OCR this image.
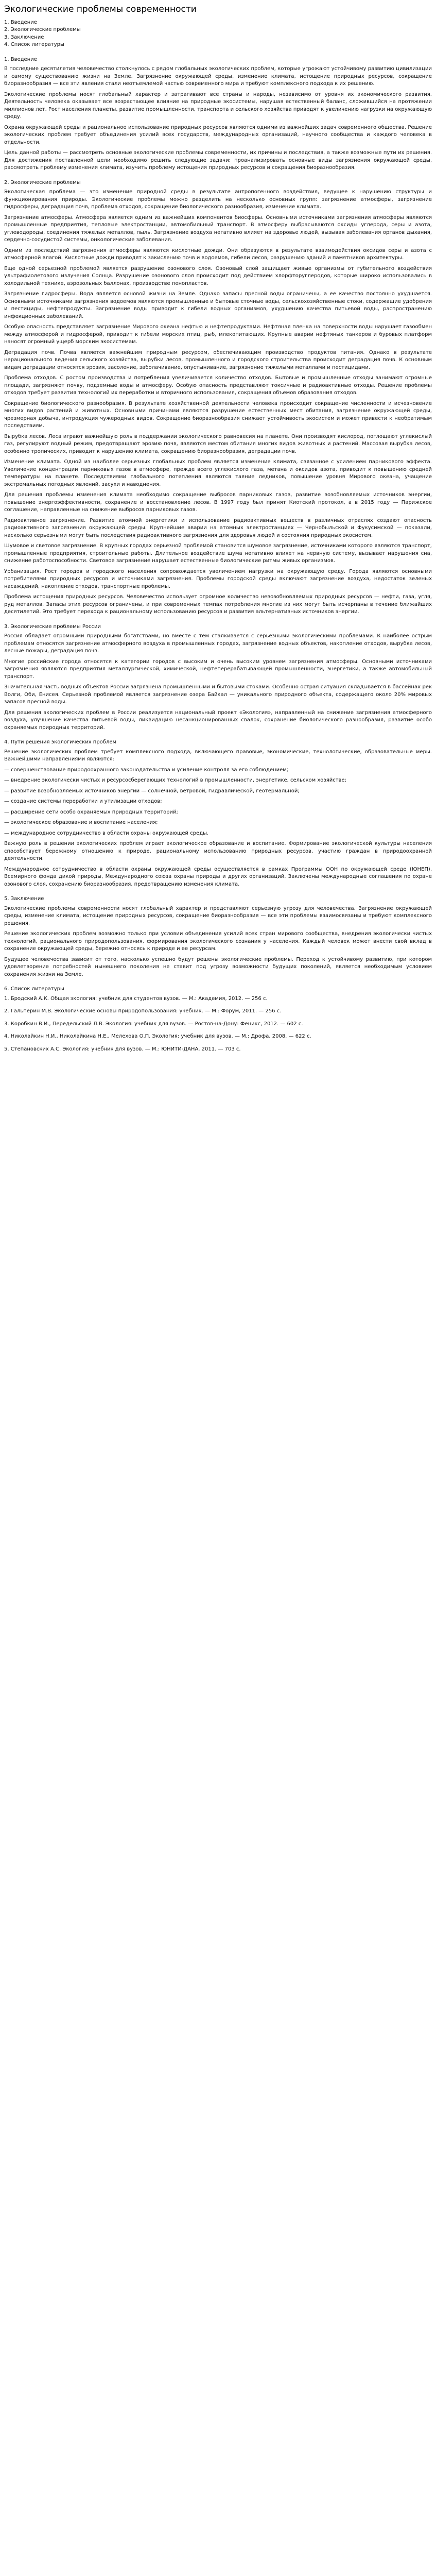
Экологические проблемы современности
1. Введение
2. Экологические проблемы
3. Заключение
4. Список литературы
1. Введение

В последние десятилетия человечество столкнулось с рядом глобальных экологических проблем, которые угрожают устойчивому развитию цивилизации и самому существованию жизни на Земле. Загрязнение окружающей среды, изменение климата, истощение природных ресурсов, сокращение биоразнообразия — все эти явления стали неотъемлемой частью современного мира и требуют комплексного подхода к их решению.

Экологические проблемы носят глобальный характер и затрагивают все страны и народы, независимо от уровня их экономического развития. Деятельность человека оказывает все возрастающее влияние на природные экосистемы, нарушая естественный баланс, сложившийся на протяжении миллионов лет. Рост населения планеты, развитие промышленности, транспорта и сельского хозяйства приводят к увеличению нагрузки на окружающую среду.

Охрана окружающей среды и рациональное использование природных ресурсов являются одними из важнейших задач современного общества. Решение экологических проблем требует объединения усилий всех государств, международных организаций, научного сообщества и каждого человека в отдельности.

Цель данной работы — рассмотреть основные экологические проблемы современности, их причины и последствия, а также возможные пути их решения. Для достижения поставленной цели необходимо решить следующие задачи: проанализировать основные виды загрязнения окружающей среды, рассмотреть проблему изменения климата, изучить проблему истощения природных ресурсов и сокращения биоразнообразия.

2. Экологические проблемы

Экологическая проблема — это изменение природной среды в результате антропогенного воздействия, ведущее к нарушению структуры и функционирования природы. Экологические проблемы можно разделить на несколько основных групп: загрязнение атмосферы, загрязнение гидросферы, деградация почв, проблема отходов, сокращение биологического разнообразия, изменение климата.

Загрязнение атмосферы. Атмосфера является одним из важнейших компонентов биосферы. Основными источниками загрязнения атмосферы являются промышленные предприятия, тепловые электростанции, автомобильный транспорт. В атмосферу выбрасываются оксиды углерода, серы и азота, углеводороды, соединения тяжелых металлов, пыль. Загрязнение воздуха негативно влияет на здоровье людей, вызывая заболевания органов дыхания, сердечно-сосудистой системы, онкологические заболевания.

Одним из последствий загрязнения атмосферы являются кислотные дожди. Они образуются в результате взаимодействия оксидов серы и азота с атмосферной влагой. Кислотные дожди приводят к закислению почв и водоемов, гибели лесов, разрушению зданий и памятников архитектуры.

Еще одной серьезной проблемой является разрушение озонового слоя. Озоновый слой защищает живые организмы от губительного воздействия ультрафиолетового излучения Солнца. Разрушение озонового слоя происходит под действием хлорфторуглеродов, которые широко использовались в холодильной технике, аэрозольных баллонах, производстве пенопластов.

Загрязнение гидросферы. Вода является основой жизни на Земле. Однако запасы пресной воды ограничены, а ее качество постоянно ухудшается. Основными источниками загрязнения водоемов являются промышленные и бытовые сточные воды, сельскохозяйственные стоки, содержащие удобрения и пестициды, нефтепродукты. Загрязнение воды приводит к гибели водных организмов, ухудшению качества питьевой воды, распространению инфекционных заболеваний.

Особую опасность представляет загрязнение Мирового океана нефтью и нефтепродуктами. Нефтяная пленка на поверхности воды нарушает газообмен между атмосферой и гидросферой, приводит к гибели морских птиц, рыб, млекопитающих. Крупные аварии нефтяных танкеров и буровых платформ наносят огромный ущерб морским экосистемам.

Деградация почв. Почва является важнейшим природным ресурсом, обеспечивающим производство продуктов питания. Однако в результате нерационального ведения сельского хозяйства, вырубки лесов, промышленного и городского строительства происходит деградация почв. К основным видам деградации относятся эрозия, засоление, заболачивание, опустынивание, загрязнение тяжелыми металлами и пестицидами.

Проблема отходов. С ростом производства и потребления увеличивается количество отходов. Бытовые и промышленные отходы занимают огромные площади, загрязняют почву, подземные воды и атмосферу. Особую опасность представляют токсичные и радиоактивные отходы. Решение проблемы отходов требует развития технологий их переработки и вторичного использования, сокращения объемов образования отходов.

Сокращение биологического разнообразия. В результате хозяйственной деятельности человека происходит сокращение численности и исчезновение многих видов растений и животных. Основными причинами являются разрушение естественных мест обитания, загрязнение окружающей среды, чрезмерная добыча, интродукция чужеродных видов. Сокращение биоразнообразия снижает устойчивость экосистем и может привести к необратимым последствиям.

Вырубка лесов. Леса играют важнейшую роль в поддержании экологического равновесия на планете. Они производят кислород, поглощают углекислый газ, регулируют водный режим, предотвращают эрозию почв, являются местом обитания многих видов животных и растений. Массовая вырубка лесов, особенно тропических, приводит к нарушению климата, сокращению биоразнообразия, деградации почв.

Изменение климата. Одной из наиболее серьезных глобальных проблем является изменение климата, связанное с усилением парникового эффекта. Увеличение концентрации парниковых газов в атмосфере, прежде всего углекислого газа, метана и оксидов азота, приводит к повышению средней температуры на планете. Последствиями глобального потепления являются таяние ледников, повышение уровня Мирового океана, учащение экстремальных погодных явлений, засухи и наводнения.

Для решения проблемы изменения климата необходимо сокращение выбросов парниковых газов, развитие возобновляемых источников энергии, повышение энергоэффективности, сохранение и восстановление лесов. В 1997 году был принят Киотский протокол, а в 2015 году — Парижское соглашение, направленные на снижение выбросов парниковых газов.

Радиоактивное загрязнение. Развитие атомной энергетики и использование радиоактивных веществ в различных отраслях создают опасность радиоактивного загрязнения окружающей среды. Крупнейшие аварии на атомных электростанциях — Чернобыльской и Фукусимской — показали, насколько серьезными могут быть последствия радиоактивного загрязнения для здоровья людей и состояния природных экосистем.

Шумовое и световое загрязнение. В крупных городах серьезной проблемой становится шумовое загрязнение, источниками которого являются транспорт, промышленные предприятия, строительные работы. Длительное воздействие шума негативно влияет на нервную систему, вызывает нарушения сна, снижение работоспособности. Световое загрязнение нарушает естественные биологические ритмы живых организмов.

Урбанизация. Рост городов и городского населения сопровождается увеличением нагрузки на окружающую среду. Города являются основными потребителями природных ресурсов и источниками загрязнения. Проблемы городской среды включают загрязнение воздуха, недостаток зеленых насаждений, накопление отходов, транспортные проблемы.

Проблема истощения природных ресурсов. Человечество использует огромное количество невозобновляемых природных ресурсов — нефти, газа, угля, руд металлов. Запасы этих ресурсов ограничены, и при современных темпах потребления многие из них могут быть исчерпаны в течение ближайших десятилетий. Это требует перехода к рациональному использованию ресурсов и развития альтернативных источников энергии.

3. Экологические проблемы России

Россия обладает огромными природными богатствами, но вместе с тем сталкивается с серьезными экологическими проблемами. К наиболее острым проблемам относятся загрязнение атмосферного воздуха в промышленных городах, загрязнение водных объектов, накопление отходов, вырубка лесов, лесные пожары, деградация почв.

Многие российские города относятся к категории городов с высоким и очень высоким уровнем загрязнения атмосферы. Основными источниками загрязнения являются предприятия металлургической, химической, нефтеперерабатывающей промышленности, энергетики, а также автомобильный транспорт.

Значительная часть водных объектов России загрязнена промышленными и бытовыми стоками. Особенно острая ситуация складывается в бассейнах рек Волги, Оби, Енисея. Серьезной проблемой является загрязнение озера Байкал — уникального природного объекта, содержащего около 20% мировых запасов пресной воды.

Для решения экологических проблем в России реализуется национальный проект «Экология», направленный на снижение загрязнения атмосферного воздуха, улучшение качества питьевой воды, ликвидацию несанкционированных свалок, сохранение биологического разнообразия, развитие особо охраняемых природных территорий.

4. Пути решения экологических проблем

Решение экологических проблем требует комплексного подхода, включающего правовые, экономические, технологические, образовательные меры. Важнейшими направлениями являются:

— совершенствование природоохранного законодательства и усиление контроля за его соблюдением;

— внедрение экологически чистых и ресурсосберегающих технологий в промышленности, энергетике, сельском хозяйстве;

— развитие возобновляемых источников энергии — солнечной, ветровой, гидравлической, геотермальной;

— создание системы переработки и утилизации отходов;

— расширение сети особо охраняемых природных территорий;

— экологическое образование и воспитание населения;

— международное сотрудничество в области охраны окружающей среды.

Важную роль в решении экологических проблем играет экологическое образование и воспитание. Формирование экологической культуры населения способствует бережному отношению к природе, рациональному использованию природных ресурсов, участию граждан в природоохранной деятельности.

Международное сотрудничество в области охраны окружающей среды осуществляется в рамках Программы ООН по окружающей среде (ЮНЕП), Всемирного фонда дикой природы, Международного союза охраны природы и других организаций. Заключены международные соглашения по охране озонового слоя, сохранению биоразнообразия, предотвращению изменения климата.

5. Заключение

Экологические проблемы современности носят глобальный характер и представляют серьезную угрозу для человечества. Загрязнение окружающей среды, изменение климата, истощение природных ресурсов, сокращение биоразнообразия — все эти проблемы взаимосвязаны и требуют комплексного решения.

Решение экологических проблем возможно только при условии объединения усилий всех стран мирового сообщества, внедрения экологически чистых технологий, рационального природопользования, формирования экологического сознания у населения. Каждый человек может внести свой вклад в сохранение окружающей среды, бережно относясь к природе и ее ресурсам.

Будущее человечества зависит от того, насколько успешно будут решены экологические проблемы. Переход к устойчивому развитию, при котором удовлетворение потребностей нынешнего поколения не ставит под угрозу возможности будущих поколений, является необходимым условием сохранения жизни на Земле.

6. Список литературы

1. Бродский А.К. Общая экология: учебник для студентов вузов. — М.: Академия, 2012. — 256 с.

2. Гальперин М.В. Экологические основы природопользования: учебник. — М.: Форум, 2011. — 256 с.

3. Коробкин В.И., Передельский Л.В. Экология: учебник для вузов. — Ростов-на-Дону: Феникс, 2012. — 602 с.

4. Николайкин Н.И., Николайкина Н.Е., Мелехова О.П. Экология: учебник для вузов. — М.: Дрофа, 2008. — 622 с.

5. Степановских А.С. Экология: учебник для вузов. — М.: ЮНИТИ-ДАНА, 2011. — 703 с.
